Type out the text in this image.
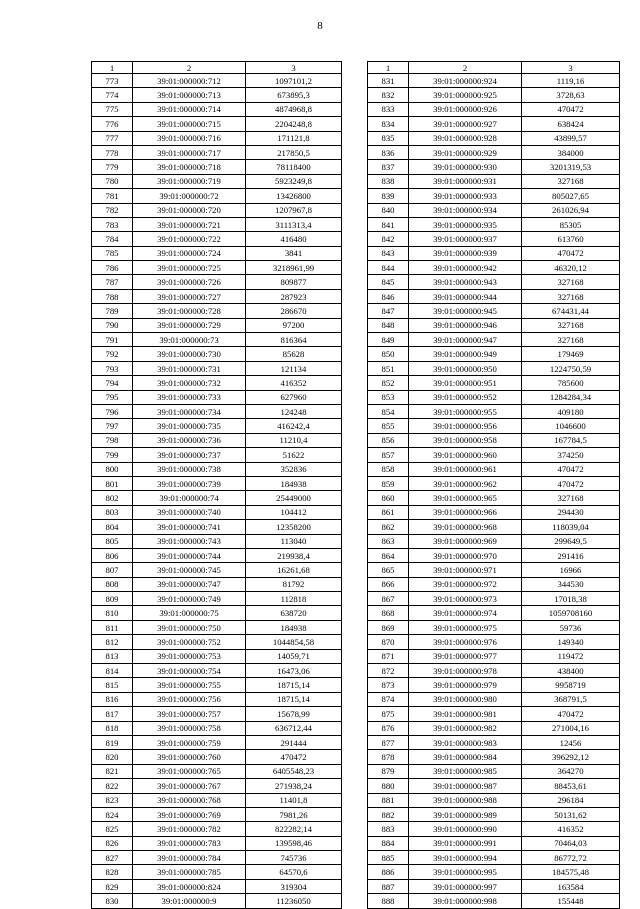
8
1	2	3
773	39:01:000000:712	1097101,2
774	39:01:000000:713	673895,3
775	39:01:000000:714	4874968,8
776	39:01:000000:715	2204248,8
777	39:01:000000:716	171121,8
778	39:01:000000:717	217850,5
779	39:01:000000:718	78118400
780	39:01:000000:719	5923249,8
781	39:01:000000:72	13426800
782	39:01:000000:720	1207967,8
783	39:01:000000:721	3111313,4
784	39:01:000000:722	416480
785	39:01:000000:724	3841
786	39:01:000000:725	3218961,99
787	39:01:000000:726	809877
788	39:01:000000:727	287923
789	39:01:000000:728	286670
790	39:01:000000:729	97200
791	39:01:000000:73	816364
792	39:01:000000:730	85628
793	39:01:000000:731	121134
794	39:01:000000:732	416352
795	39:01:000000:733	627960
796	39:01:000000:734	124248
797	39:01:000000:735	416242,4
798	39:01:000000:736	11210,4
799	39:01:000000:737	51622
800	39:01:000000:738	352836
801	39:01:000000:739	184938
802	39:01:000000:74	25449000
803	39:01:000000:740	104412
804	39:01:000000:741	12358200
805	39:01:000000:743	113040
806	39:01:000000:744	219938,4
807	39:01:000000:745	16261,68
808	39:01:000000:747	81792
809	39:01:000000:749	112818
810	39:01:000000:75	638720
811	39:01:000000:750	184938
812	39:01:000000:752	1044854,58
813	39:01:000000:753	14059,71
814	39:01:000000:754	16473,06
815	39:01:000000:755	18715,14
816	39:01:000000:756	18715,14
817	39:01:000000:757	15678,99
818	39:01:000000:758	636712,44
819	39:01:000000:759	291444
820	39:01:000000:760	470472
821	39:01:000000:765	6405548,23
822	39:01:000000:767	271938,24
823	39:01:000000:768	11401,8
824	39:01:000000:769	7981,26
825	39:01:000000:782	822282,14
826	39:01:000000:783	139598,46
827	39:01:000000:784	745736
828	39:01:000000:785	64570,6
829	39:01:000000:824	319304
830	39:01:000000:9	11236050
1	2	3
831	39:01:000000:924	1119,16
832	39:01:000000:925	3728,63
833	39:01:000000:926	470472
834	39:01:000000:927	638424
835	39:01:000000:928	43899,57
836	39:01:000000:929	384000
837	39:01:000000:930	3201319,53
838	39:01:000000:931	327168
839	39:01:000000:933	805027,65
840	39:01:000000:934	261026,94
841	39:01:000000:935	85305
842	39:01:000000:937	613760
843	39:01:000000:939	470472
844	39:01:000000:942	46320,12
845	39:01:000000:943	327168
846	39:01:000000:944	327168
847	39:01:000000:945	674431,44
848	39:01:000000:946	327168
849	39:01:000000:947	327168
850	39:01:000000:949	179469
851	39:01:000000:950	1224750,59
852	39:01:000000:951	785600
853	39:01:000000:952	1284284,34
854	39:01:000000:955	409180
855	39:01:000000:956	1046600
856	39:01:000000:958	167784,5
857	39:01:000000:960	374250
858	39:01:000000:961	470472
859	39:01:000000:962	470472
860	39:01:000000:965	327168
861	39:01:000000:966	294430
862	39:01:000000:968	118039,04
863	39:01:000000:969	299649,5
864	39:01:000000:970	291416
865	39:01:000000:971	16966
866	39:01:000000:972	344530
867	39:01:000000:973	17018,38
868	39:01:000000:974	1059708160
869	39:01:000000:975	59736
870	39:01:000000:976	149340
871	39:01:000000:977	119472
872	39:01:000000:978	438400
873	39:01:000000:979	9958719
874	39:01:000000:980	368791,5
875	39:01:000000:981	470472
876	39:01:000000:982	271004,16
877	39:01:000000:983	12456
878	39:01:000000:984	396292,12
879	39:01:000000:985	364270
880	39:01:000000:987	88453,61
881	39:01:000000:988	296184
882	39:01:000000:989	50131,62
883	39:01:000000:990	416352
884	39:01:000000:991	70464,03
885	39:01:000000:994	86772,72
886	39:01:000000:995	184575,48
887	39:01:000000:997	163584
888	39:01:000000:998	155448
